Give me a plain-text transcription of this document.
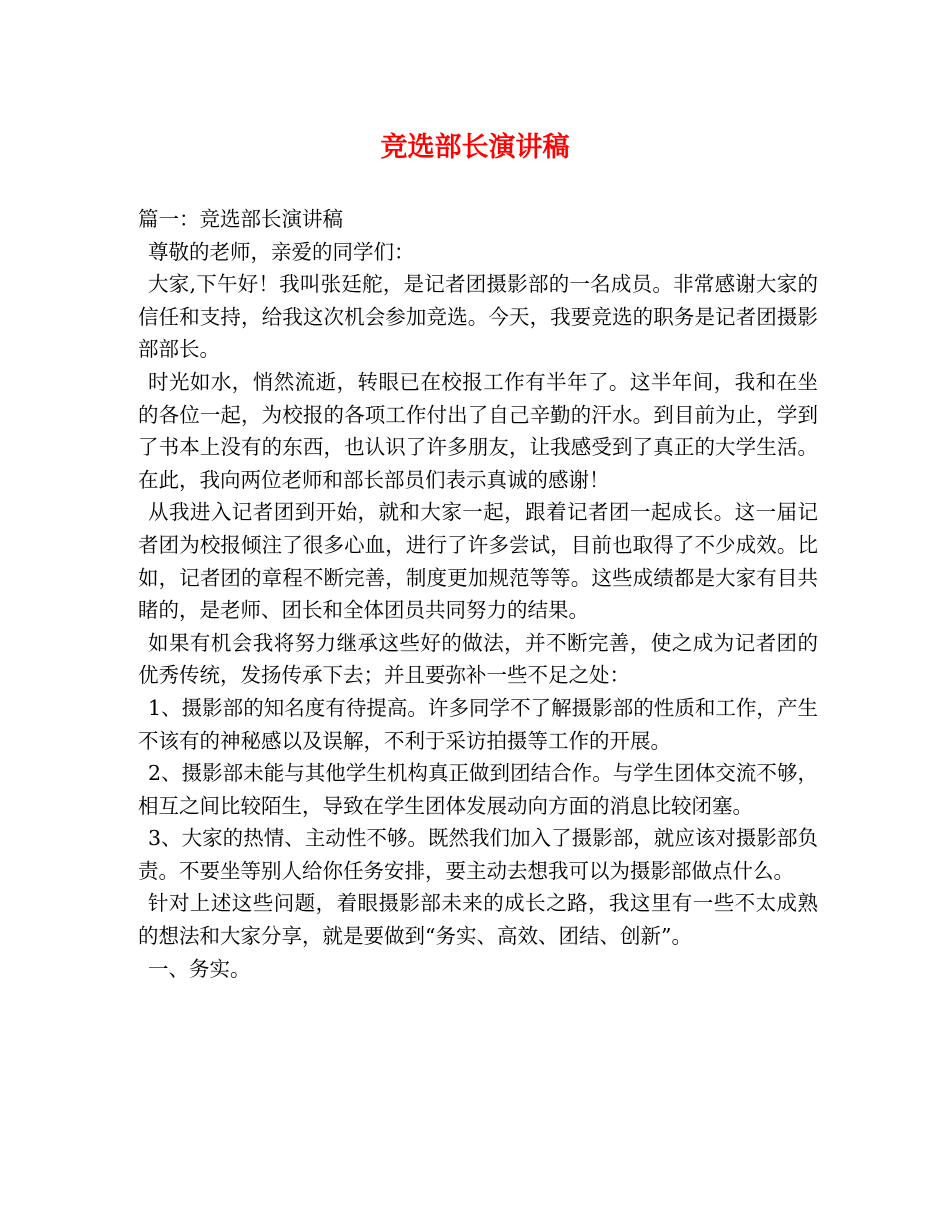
竞选部长演讲稿

篇一：竞选部长演讲稿

尊敬的老师，亲爱的同学们：

大家,下午好！我叫张廷舵，是记者团摄影部的一名成员。非常感谢大家的信任和支持，给我这次机会参加竞选。今天，我要竞选的职务是记者团摄影部部长。

时光如水，悄然流逝，转眼已在校报工作有半年了。这半年间，我和在坐的各位一起，为校报的各项工作付出了自己辛勤的汗水。到目前为止，学到了书本上没有的东西，也认识了许多朋友，让我感受到了真正的大学生活。在此，我向两位老师和部长部员们表示真诚的感谢！

从我进入记者团到开始，就和大家一起，跟着记者团一起成长。这一届记者团为校报倾注了很多心血，进行了许多尝试，目前也取得了不少成效。比如，记者团的章程不断完善，制度更加规范等等。这些成绩都是大家有目共睹的，是老师、团长和全体团员共同努力的结果。

如果有机会我将努力继承这些好的做法，并不断完善，使之成为记者团的优秀传统，发扬传承下去；并且要弥补一些不足之处：

1、摄影部的知名度有待提高。许多同学不了解摄影部的性质和工作，产生不该有的神秘感以及误解，不利于采访拍摄等工作的开展。

2、摄影部未能与其他学生机构真正做到团结合作。与学生团体交流不够，相互之间比较陌生，导致在学生团体发展动向方面的消息比较闭塞。

3、大家的热情、主动性不够。既然我们加入了摄影部，就应该对摄影部负责。不要坐等别人给你任务安排，要主动去想我可以为摄影部做点什么。

针对上述这些问题，着眼摄影部未来的成长之路，我这里有一些不太成熟的想法和大家分享，就是要做到“务实、高效、团结、创新”。

一、务实。
